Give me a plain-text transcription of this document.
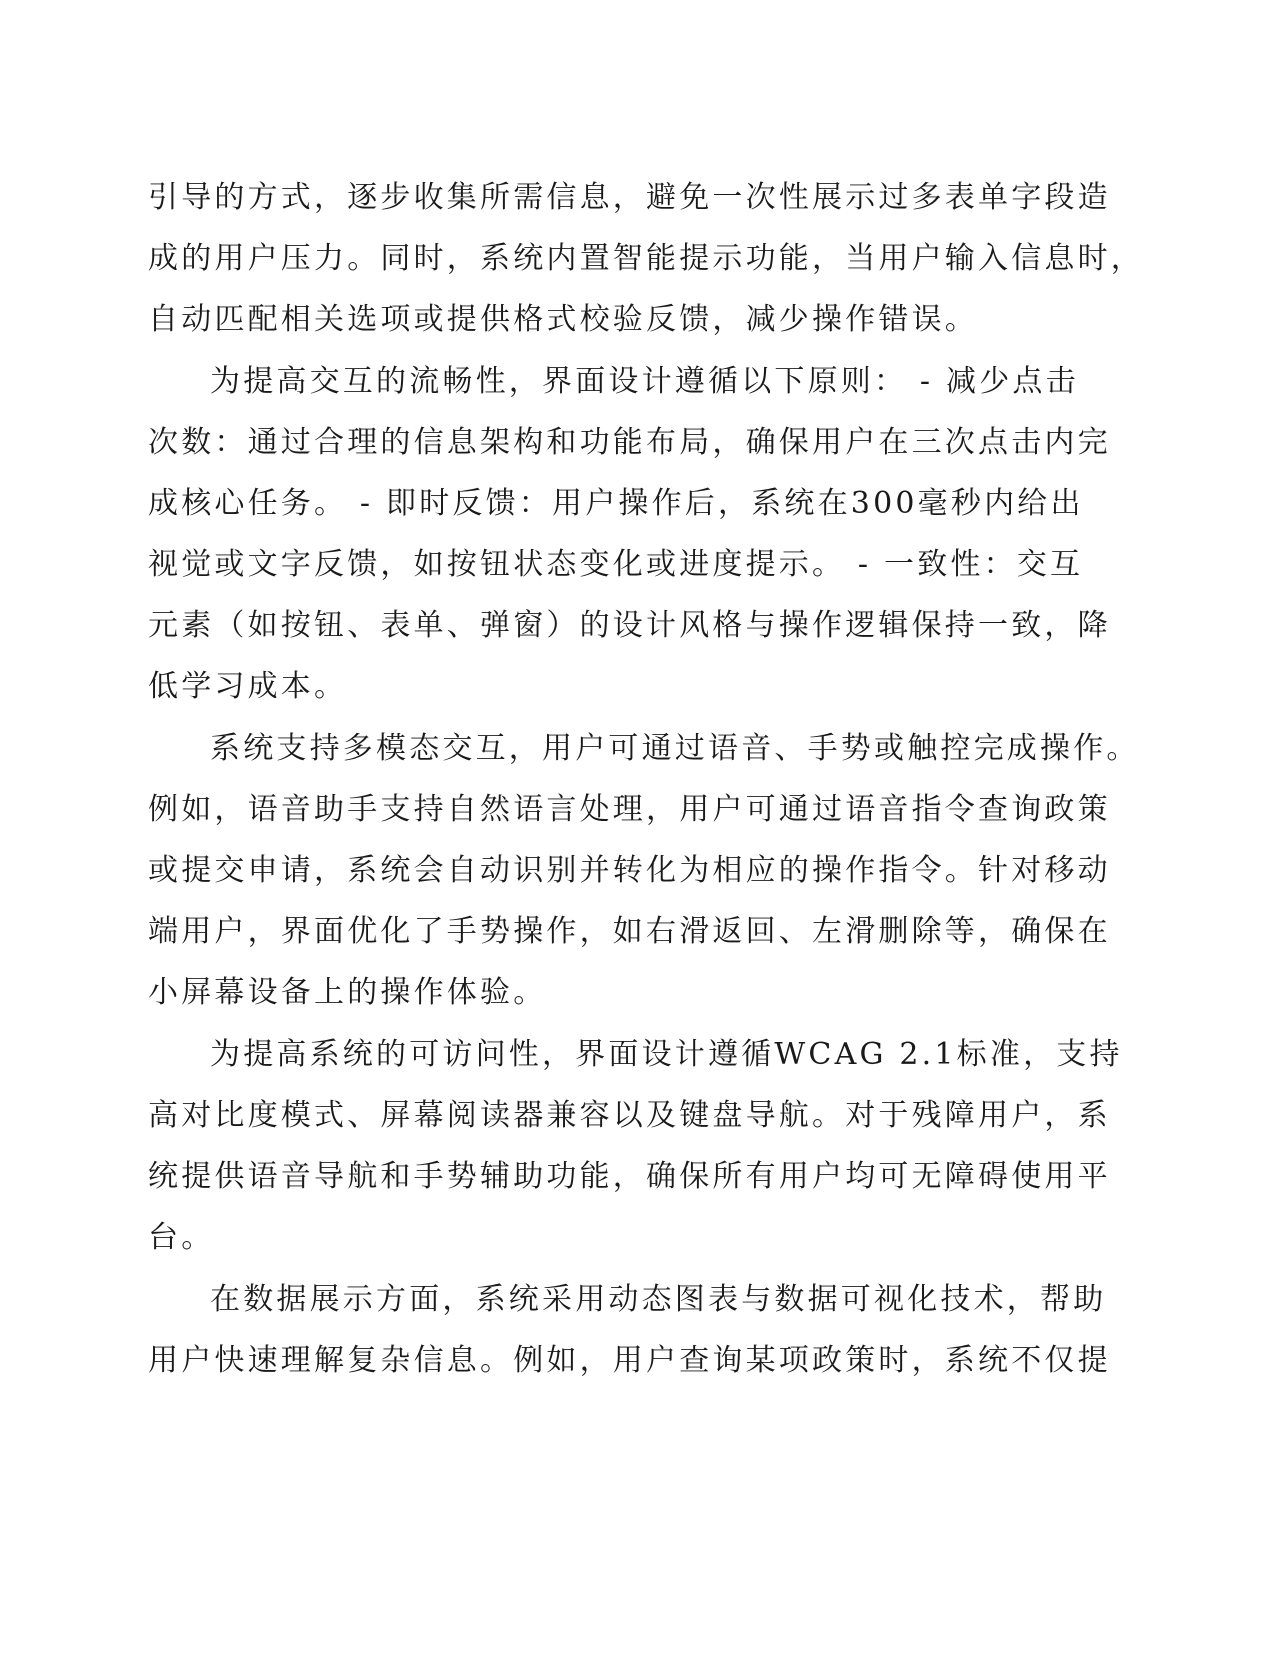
引导的方式，逐步收集所需信息，避免一次性展示过多表单字段造
成的用户压力。同时，系统内置智能提示功能，当用户输入信息时，
自动匹配相关选项或提供格式校验反馈，减少操作错误。
为提高交互的流畅性，界面设计遵循以下原则： - 减少点击
次数：通过合理的信息架构和功能布局，确保用户在三次点击内完
成核心任务。 - 即时反馈：用户操作后，系统在300毫秒内给出
视觉或文字反馈，如按钮状态变化或进度提示。 - 一致性：交互
元素（如按钮、表单、弹窗）的设计风格与操作逻辑保持一致，降
低学习成本。
系统支持多模态交互，用户可通过语音、手势或触控完成操作。
例如，语音助手支持自然语言处理，用户可通过语音指令查询政策
或提交申请，系统会自动识别并转化为相应的操作指令。针对移动
端用户，界面优化了手势操作，如右滑返回、左滑删除等，确保在
小屏幕设备上的操作体验。
为提高系统的可访问性，界面设计遵循WCAG 2.1标准，支持
高对比度模式、屏幕阅读器兼容以及键盘导航。对于残障用户，系
统提供语音导航和手势辅助功能，确保所有用户均可无障碍使用平
台。
在数据展示方面，系统采用动态图表与数据可视化技术，帮助
用户快速理解复杂信息。例如，用户查询某项政策时，系统不仅提
